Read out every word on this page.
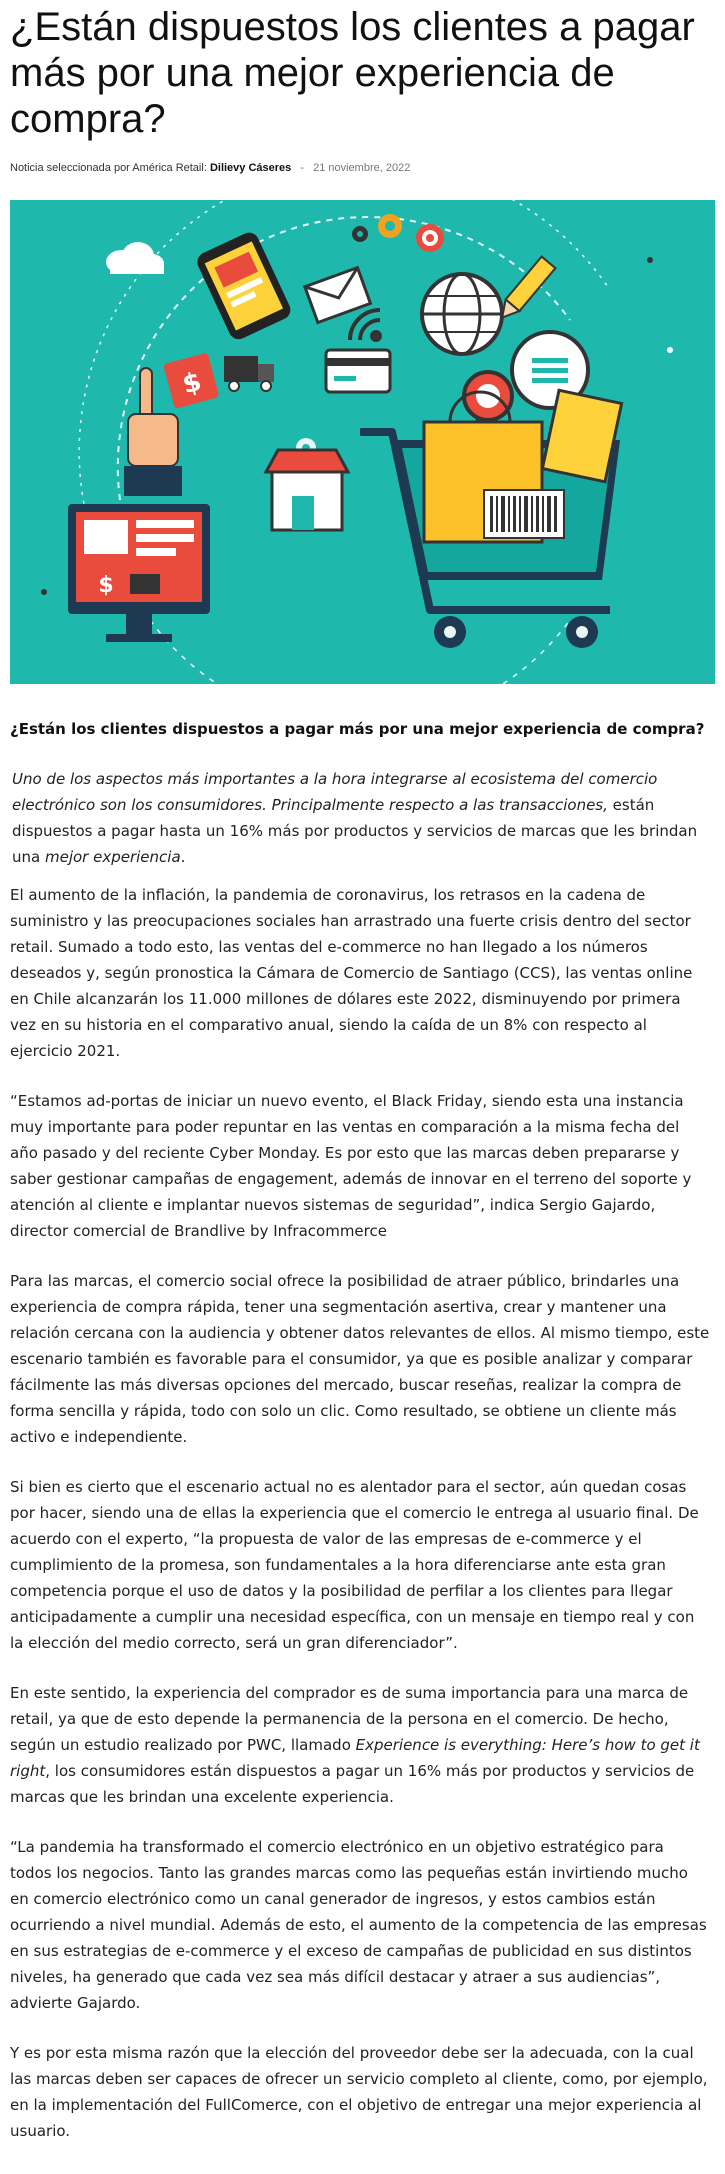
¿Están dispuestos los clientes a pagar más por una mejor experiencia de compra?
Noticia seleccionada por América Retail: Dilievy Cáseres - 21 noviembre, 2022
$
$

¿Están los clientes dispuestos a pagar más por una mejor experiencia de compra?

Uno de los aspectos más importantes a la hora integrarse al ecosistema del comercio electrónico son los consumidores. Principalmente respecto a las transacciones, están dispuestos a pagar hasta un 16% más por productos y servicios de marcas que les brindan una mejor experiencia.

El aumento de la inflación, la pandemia de coronavirus, los retrasos en la cadena de suministro y las preocupaciones sociales han arrastrado una fuerte crisis dentro del sector retail. Sumado a todo esto, las ventas del e-commerce no han llegado a los números deseados y, según pronostica la Cámara de Comercio de Santiago (CCS), las ventas online en Chile alcanzarán los 11.000 millones de dólares este 2022, disminuyendo por primera vez en su historia en el comparativo anual, siendo la caída de un 8% con respecto al ejercicio 2021.

“Estamos ad-portas de iniciar un nuevo evento, el Black Friday, siendo esta una instancia muy importante para poder repuntar en las ventas en comparación a la misma fecha del año pasado y del reciente Cyber Monday. Es por esto que las marcas deben prepararse y saber gestionar campañas de engagement, además de innovar en el terreno del soporte y atención al cliente e implantar nuevos sistemas de seguridad”, indica Sergio Gajardo, director comercial de Brandlive by Infracommerce

Para las marcas, el comercio social ofrece la posibilidad de atraer público, brindarles una experiencia de compra rápida, tener una segmentación asertiva, crear y mantener una relación cercana con la audiencia y obtener datos relevantes de ellos. Al mismo tiempo, este escenario también es favorable para el consumidor, ya que es posible analizar y comparar fácilmente las más diversas opciones del mercado, buscar reseñas, realizar la compra de forma sencilla y rápida, todo con solo un clic. Como resultado, se obtiene un cliente más activo e independiente.

Si bien es cierto que el escenario actual no es alentador para el sector, aún quedan cosas por hacer, siendo una de ellas la experiencia que el comercio le entrega al usuario final. De acuerdo con el experto, “la propuesta de valor de las empresas de e-commerce y el cumplimiento de la promesa, son fundamentales a la hora diferenciarse ante esta gran competencia porque el uso de datos y la posibilidad de perfilar a los clientes para llegar anticipadamente a cumplir una necesidad específica, con un mensaje en tiempo real y con la elección del medio correcto, será un gran diferenciador”.

En este sentido, la experiencia del comprador es de suma importancia para una marca de retail, ya que de esto depende la permanencia de la persona en el comercio. De hecho, según un estudio realizado por PWC, llamado Experience is everything: Here’s how to get it right, los consumidores están dispuestos a pagar un 16% más por productos y servicios de marcas que les brindan una excelente experiencia.

“La pandemia ha transformado el comercio electrónico en un objetivo estratégico para todos los negocios. Tanto las grandes marcas como las pequeñas están invirtiendo mucho en comercio electrónico como un canal generador de ingresos, y estos cambios están ocurriendo a nivel mundial. Además de esto, el aumento de la competencia de las empresas en sus estrategias de e-commerce y el exceso de campañas de publicidad en sus distintos niveles, ha generado que cada vez sea más difícil destacar y atraer a sus audiencias”, advierte Gajardo.

Y es por esta misma razón que la elección del proveedor debe ser la adecuada, con la cual las marcas deben ser capaces de ofrecer un servicio completo al cliente, como, por ejemplo, en la implementación del FullComerce, con el objetivo de entregar una mejor experiencia al usuario.
